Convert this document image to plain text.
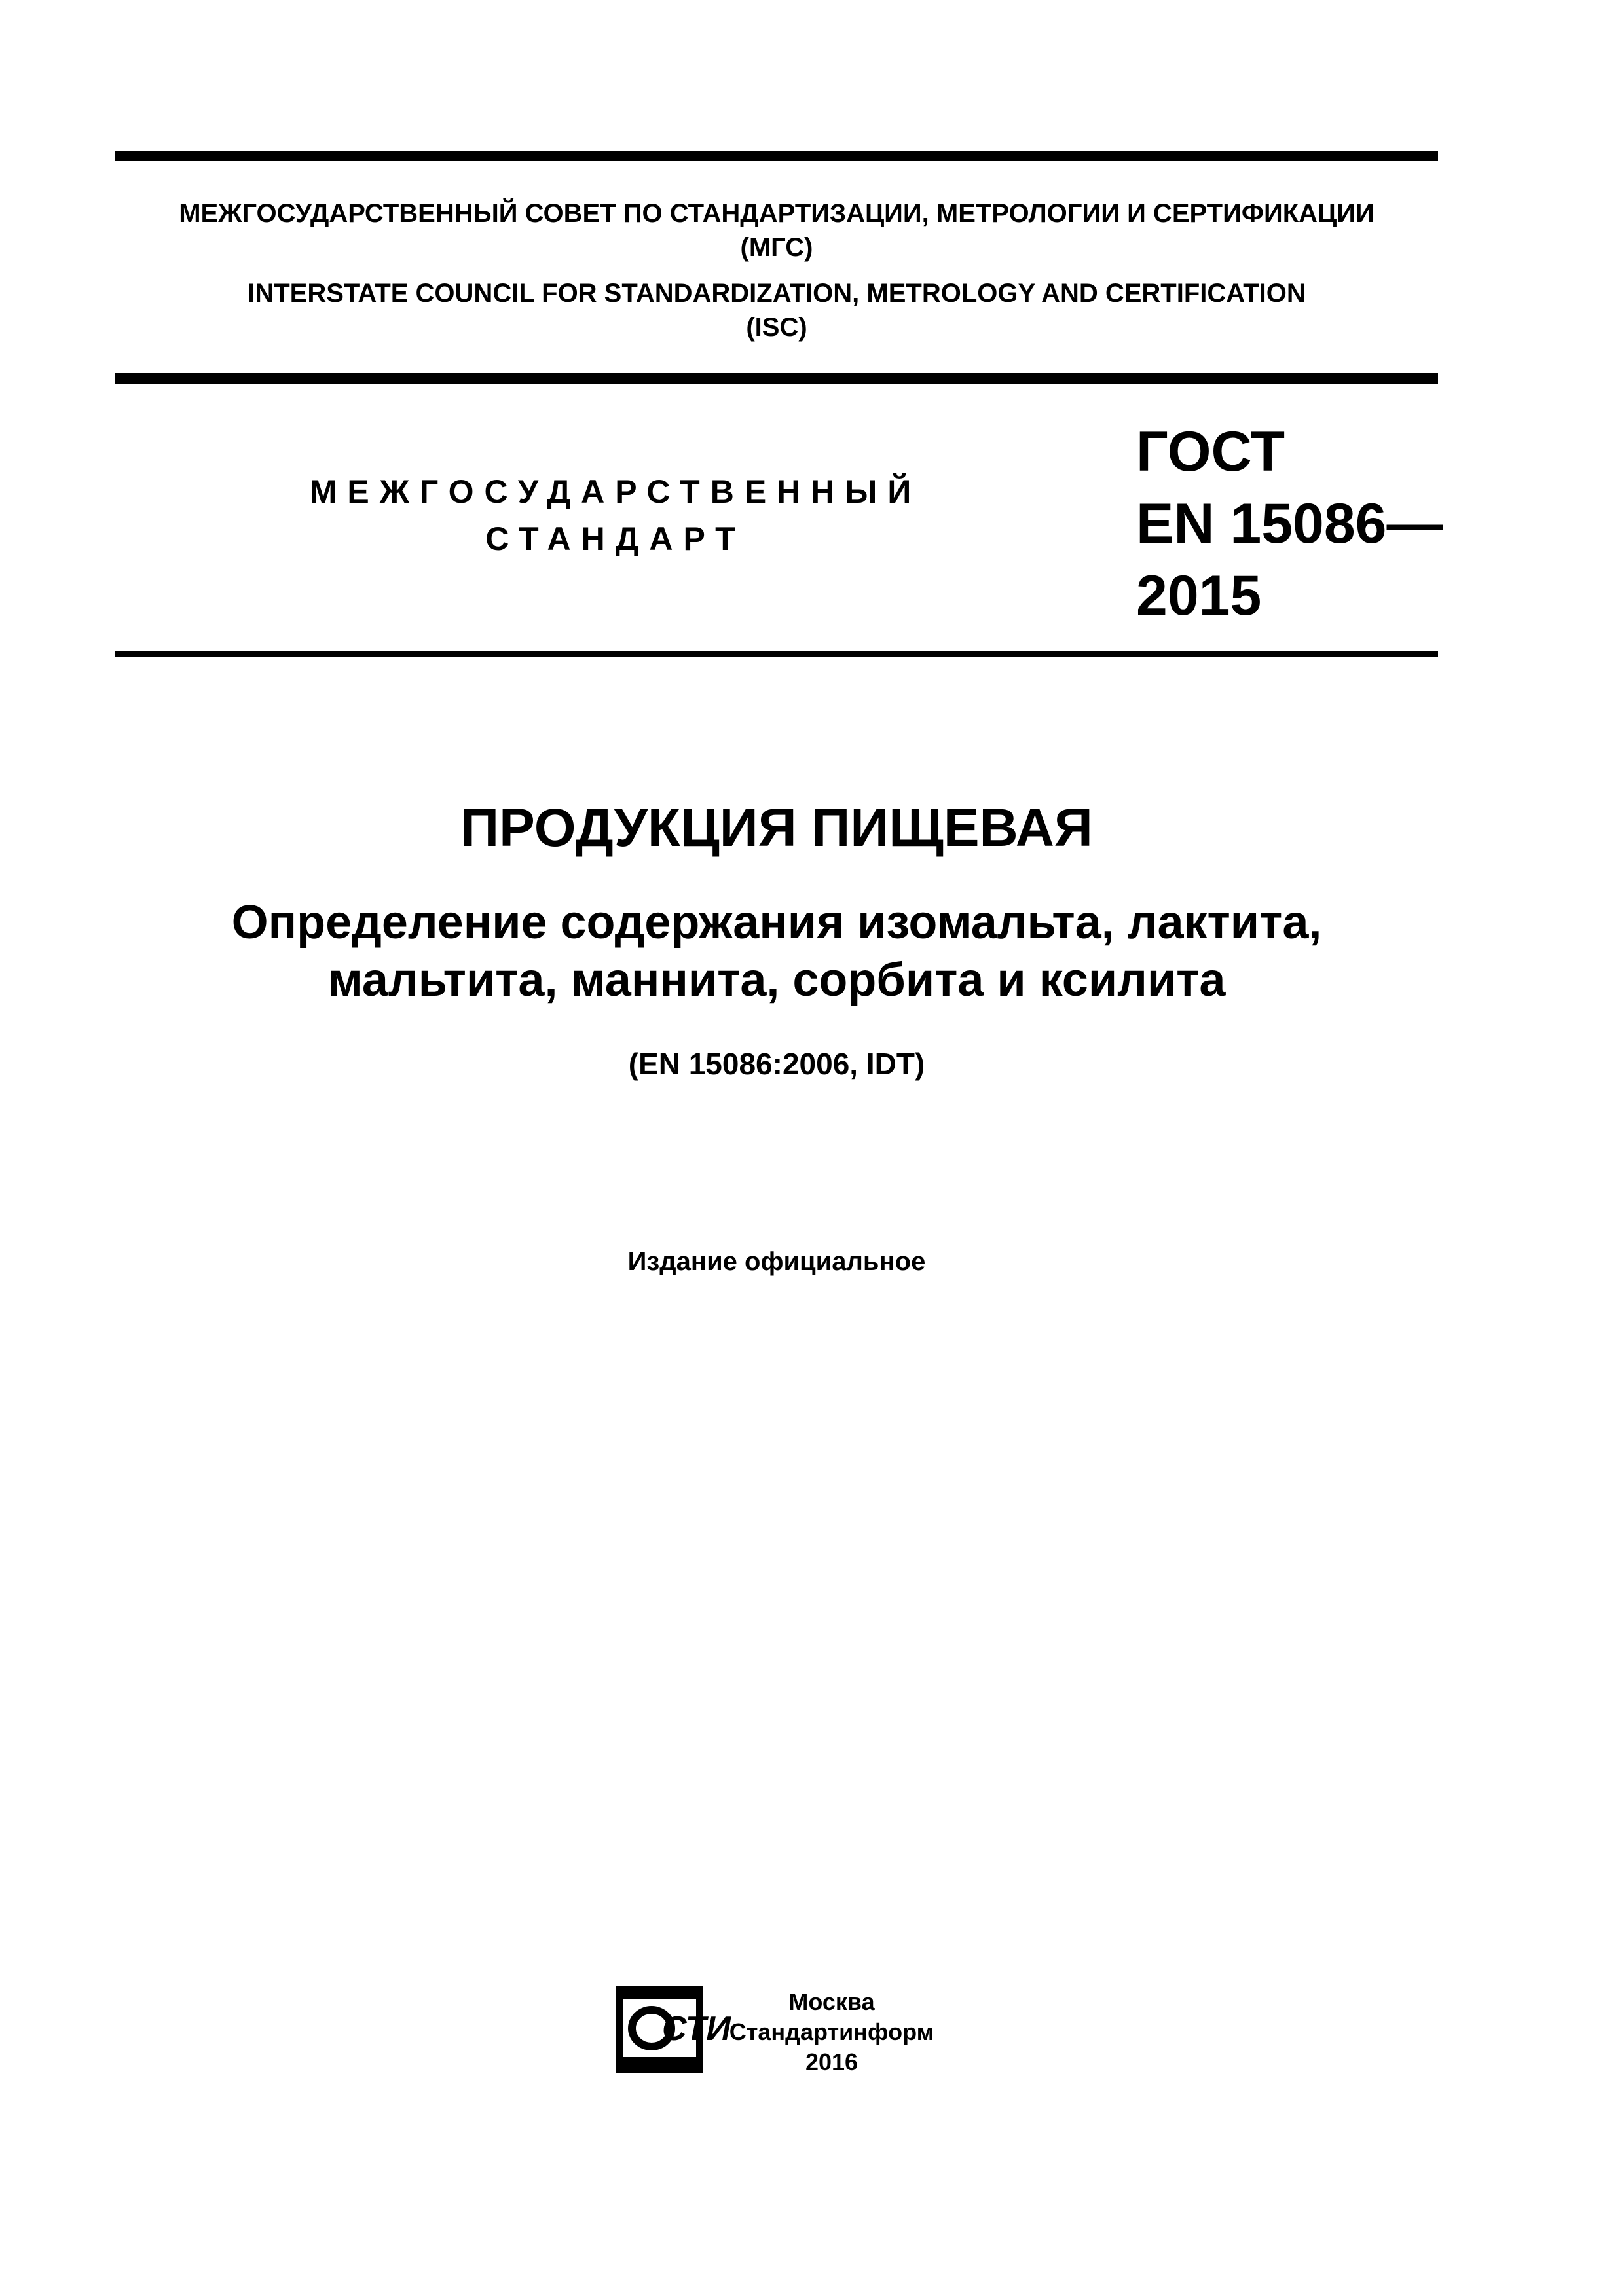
МЕЖГОСУДАРСТВЕННЫЙ СОВЕТ ПО СТАНДАРТИЗАЦИИ, МЕТРОЛОГИИ И СЕРТИФИКАЦИИ
(МГС)
INTERSTATE COUNCIL FOR STANDARDIZATION, METROLOGY AND CERTIFICATION
(ISC)
МЕЖГОСУДАРСТВЕННЫЙ
СТАНДАРТ
ГОСТ
EN 15086—
2015
ПРОДУКЦИЯ ПИЩЕВАЯ
Определение содержания изомальта, лактита,
мальтита, маннита, сорбита и ксилита
(EN 15086:2006, IDT)
Издание официальное
СТИ
Москва
Стандартинформ
2016
